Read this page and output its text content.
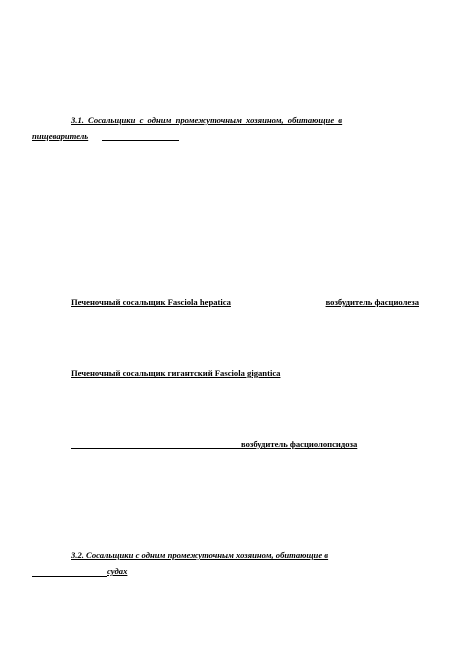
3.1. Сосальщики с одним промежуточным хозяином, обитающие в
пищеваритель
Печеночный сосальщик Fasciola hepatica	возбудитель фасциолеза
Печеночный сосальщик гигантский Fasciola gigantica
возбудитель фасциолопсидоза
3.2. Сосальщики с одним промежуточным хозяином, обитающие в
судах
